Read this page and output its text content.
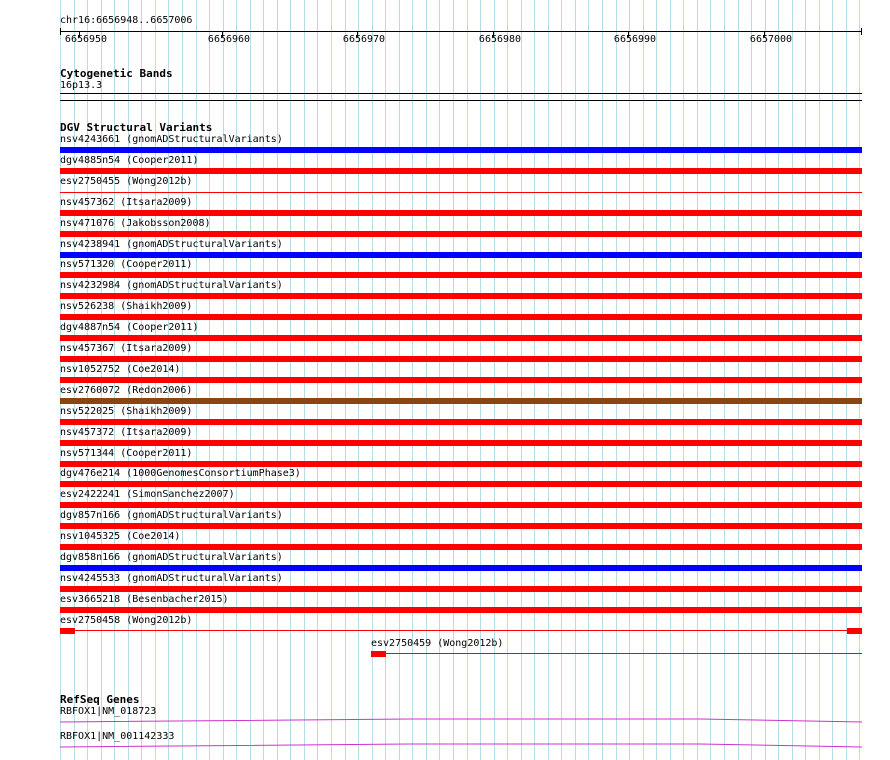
chr16:6656948..6657006
6656950	6656960	6656970	6656980	6656990	6657000
Cytogenetic Bands
16p13.3
DGV Structural Variants
nsv4243661 (gnomADStructuralVariants)
dgv4885n54 (Cooper2011)
esv2750455 (Wong2012b)
nsv457362 (Itsara2009)
nsv471076 (Jakobsson2008)
nsv4238941 (gnomADStructuralVariants)
nsv571320 (Cooper2011)
nsv4232984 (gnomADStructuralVariants)
nsv526238 (Shaikh2009)
dgv4887n54 (Cooper2011)
nsv457367 (Itsara2009)
nsv1052752 (Coe2014)
esv2760072 (Redon2006)
nsv522025 (Shaikh2009)
nsv457372 (Itsara2009)
nsv571344 (Cooper2011)
dgv476e214 (1000GenomesConsortiumPhase3)
esv2422241 (SimonSanchez2007)
dgv857n166 (gnomADStructuralVariants)
nsv1045325 (Coe2014)
dgv858n166 (gnomADStructuralVariants)
nsv4245533 (gnomADStructuralVariants)
esv3665218 (Besenbacher2015)
esv2750458 (Wong2012b)
esv2750459 (Wong2012b)
RefSeq Genes
RBFOX1|NM_018723
RBFOX1|NM_001142333
